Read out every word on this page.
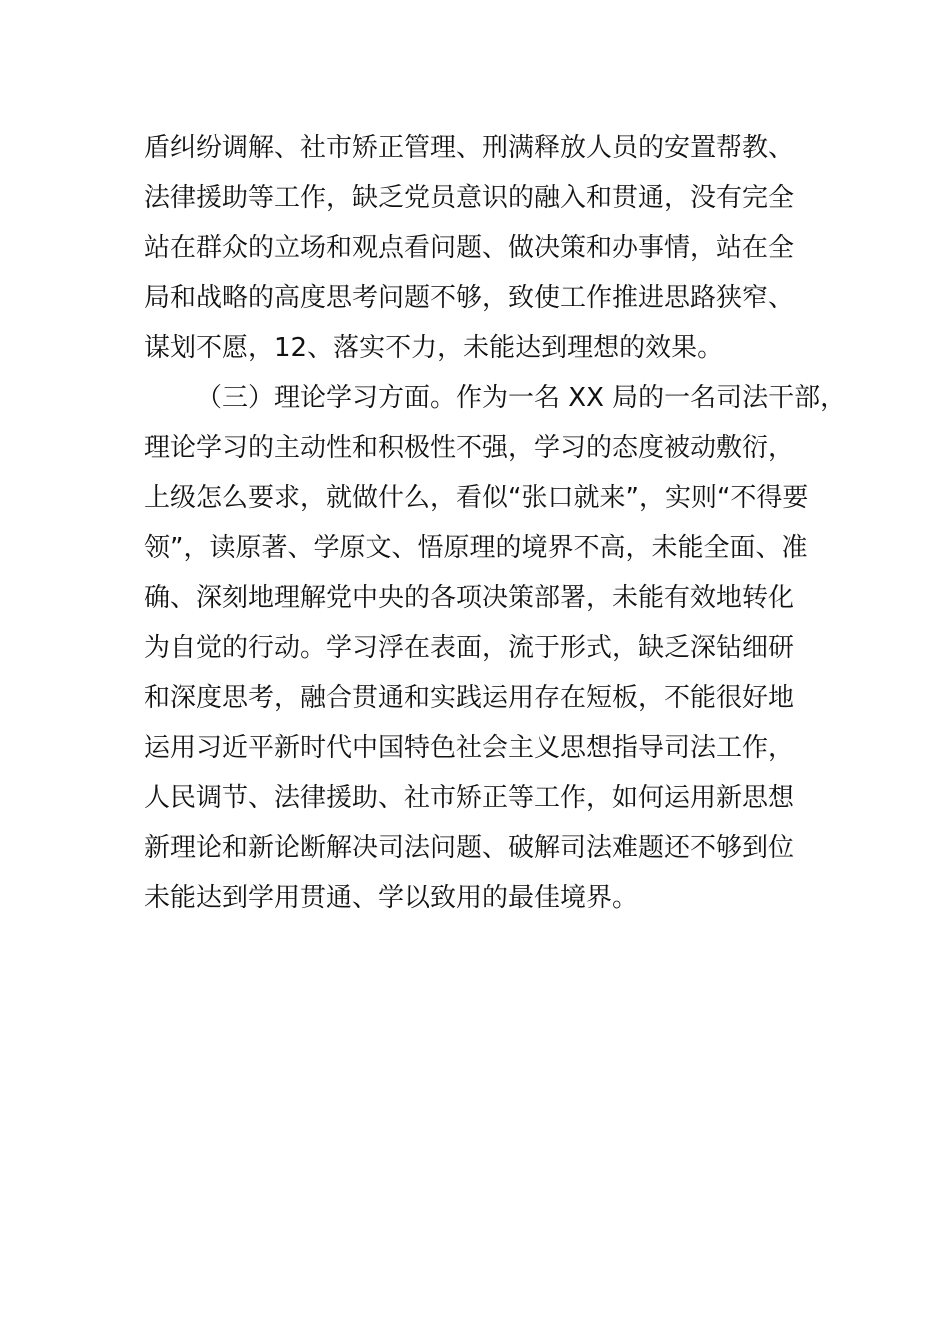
盾纠纷调解、社市矫正管理、刑满释放人员的安置帮教、
法律援助等工作，缺乏党员意识的融入和贯通，没有完全
站在群众的立场和观点看问题、做决策和办事情，站在全
局和战略的高度思考问题不够，致使工作推进思路狭窄、
谋划不愿，12、落实不力，未能达到理想的效果。
（三）理论学习方面。作为一名 XX 局的一名司法干部，
理论学习的主动性和积极性不强，学习的态度被动敷衍，
上级怎么要求，就做什么，看似“张口就来”，实则“不得要
领”，读原著、学原文、悟原理的境界不高，未能全面、准
确、深刻地理解党中央的各项决策部署，未能有效地转化
为自觉的行动。学习浮在表面，流于形式，缺乏深钻细研
和深度思考，融合贯通和实践运用存在短板，不能很好地
运用习近平新时代中国特色社会主义思想指导司法工作，
人民调节、法律援助、社市矫正等工作，如何运用新思想
新理论和新论断解决司法问题、破解司法难题还不够到位
未能达到学用贯通、学以致用的最佳境界。
